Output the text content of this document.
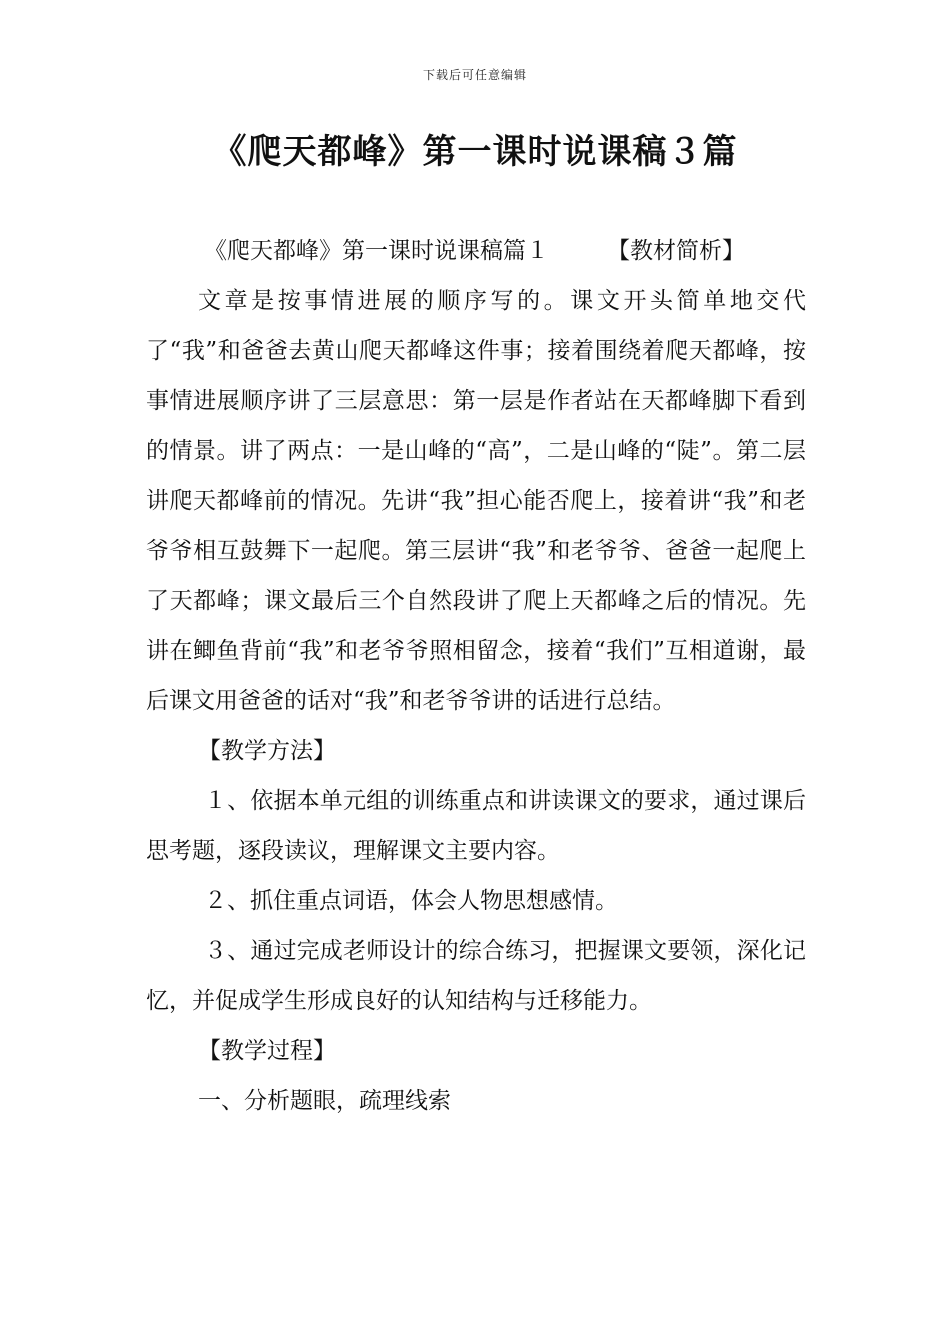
下载后可任意编辑
《爬天都峰》第一课时说课稿３篇

《爬天都峰》第一课时说课稿篇１	【教材简析】

文章是按事情进展的顺序写的。课文开头简单地交代了“我”和爸爸去黄山爬天都峰这件事；接着围绕着爬天都峰，按事情进展顺序讲了三层意思：第一层是作者站在天都峰脚下看到的情景。讲了两点：一是山峰的“高”，二是山峰的“陡”。第二层讲爬天都峰前的情况。先讲“我”担心能否爬上，接着讲“我”和老爷爷相互鼓舞下一起爬。第三层讲“我”和老爷爷、爸爸一起爬上了天都峰；课文最后三个自然段讲了爬上天都峰之后的情况。先讲在鲫鱼背前“我”和老爷爷照相留念，接着“我们”互相道谢，最后课文用爸爸的话对“我”和老爷爷讲的话进行总结。

【教学方法】

１、依据本单元组的训练重点和讲读课文的要求，通过课后思考题，逐段读议，理解课文主要内容。

２、抓住重点词语，体会人物思想感情。

３、通过完成老师设计的综合练习，把握课文要领，深化记忆，并促成学生形成良好的认知结构与迁移能力。

【教学过程】

一、分析题眼，疏理线索
